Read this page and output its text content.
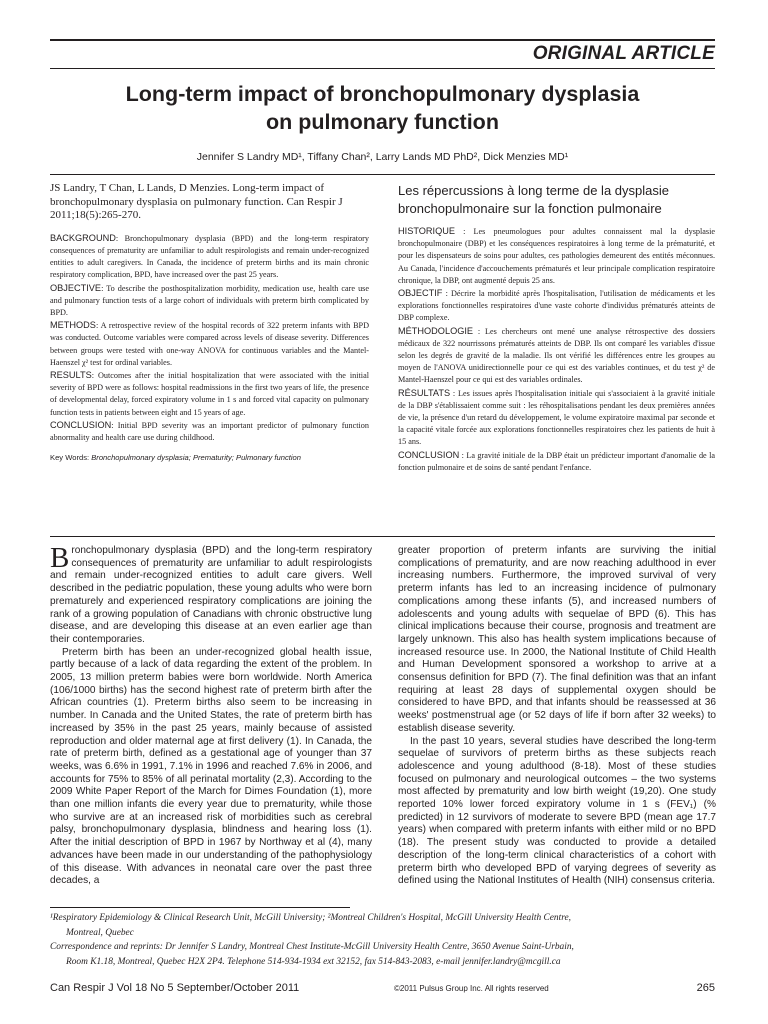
ORIGINAL ARTICLE
Long-term impact of bronchopulmonary dysplasia
on pulmonary function
Jennifer S Landry MD¹, Tiffany Chan², Larry Lands MD PhD², Dick Menzies MD¹

JS Landry, T Chan, L Lands, D Menzies. Long-term impact of bronchopulmonary dysplasia on pulmonary function. Can Respir J 2011;18(5):265-270.

BACKGROUND: Bronchopulmonary dysplasia (BPD) and the long-term respiratory consequences of prematurity are unfamiliar to adult respirologists and remain under-recognized entities to adult caregivers. In Canada, the incidence of preterm births and its main chronic respiratory complication, BPD, have increased over the past 25 years.

OBJECTIVE: To describe the posthospitalization morbidity, medication use, health care use and pulmonary function tests of a large cohort of individuals with preterm birth complicated by BPD.

METHODS: A retrospective review of the hospital records of 322 preterm infants with BPD was conducted. Outcome variables were compared across levels of disease severity. Differences between groups were tested with one-way ANOVA for continuous variables and the Mantel-Haenszel χ² test for ordinal variables.

RESULTS: Outcomes after the initial hospitalization that were associated with the initial severity of BPD were as follows: hospital readmissions in the first two years of life, the presence of developmental delay, forced expiratory volume in 1 s and forced vital capacity on pulmonary function tests in patients between eight and 15 years of age.

CONCLUSION: Initial BPD severity was an important predictor of pulmonary function abnormality and health care use during childhood.

Key Words: Bronchopulmonary dysplasia; Prematurity; Pulmonary function
Les répercussions à long terme de la dysplasie
bronchopulmonaire sur la fonction pulmonaire

HISTORIQUE : Les pneumologues pour adultes connaissent mal la dysplasie bronchopulmonaire (DBP) et les conséquences respiratoires à long terme de la prématurité, et pour les dispensateurs de soins pour adultes, ces pathologies demeurent des entités méconnues. Au Canada, l'incidence d'accouchements prématurés et leur principale complication respiratoire chronique, la DBP, ont augmenté depuis 25 ans.

OBJECTIF : Décrire la morbidité après l'hospitalisation, l'utilisation de médicaments et les explorations fonctionnelles respiratoires d'une vaste cohorte d'individus prématurés atteints de DBP complexe.

MÉTHODOLOGIE : Les chercheurs ont mené une analyse rétrospective des dossiers médicaux de 322 nourrissons prématurés atteints de DBP. Ils ont comparé les variables d'issue selon les degrés de gravité de la maladie. Ils ont vérifié les différences entre les groupes au moyen de l'ANOVA unidirectionnelle pour ce qui est des variables continues, et du test χ² de Mantel-Haenszel pour ce qui est des variables ordinales.

RÉSULTATS : Les issues après l'hospitalisation initiale qui s'associaient à la gravité initiale de la DBP s'établissaient comme suit : les réhospitalisations pendant les deux premières années de vie, la présence d'un retard du développement, le volume expiratoire maximal par seconde et la capacité vitale forcée aux explorations fonctionnelles respiratoires chez les patients de huit à 15 ans.

CONCLUSION : La gravité initiale de la DBP était un prédicteur important d'anomalie de la fonction pulmonaire et de soins de santé pendant l'enfance.

Bronchopulmonary dysplasia (BPD) and the long-term respiratory consequences of prematurity are unfamiliar to adult respirologists and remain under-recognized entities to adult care givers. Well described in the pediatric population, these young adults who were born prematurely and experienced respiratory complications are joining the rank of a growing population of Canadians with chronic obstructive lung disease, and are developing this disease at an even earlier age than their contemporaries.

Preterm birth has been an under-recognized global health issue, partly because of a lack of data regarding the extent of the problem. In 2005, 13 million preterm babies were born worldwide. North America (106/1000 births) has the second highest rate of preterm birth after the African countries (1). Preterm births also seem to be increasing in number. In Canada and the United States, the rate of preterm birth has increased by 35% in the past 25 years, mainly because of assisted reproduction and older maternal age at first delivery (1). In Canada, the rate of preterm birth, defined as a gestational age of younger than 37 weeks, was 6.6% in 1991, 7.1% in 1996 and reached 7.6% in 2006, and accounts for 75% to 85% of all perinatal mortality (2,3). According to the 2009 White Paper Report of the March for Dimes Foundation (1), more than one million infants die every year due to prematurity, while those who survive are at an increased risk of morbidities such as cerebral palsy, bronchopulmonary dysplasia, blindness and hearing loss (1). After the initial description of BPD in 1967 by Northway et al (4), many advances have been made in our understanding of the pathophysiology of this disease. With advances in neonatal care over the past three decades, a

greater proportion of preterm infants are surviving the initial complications of prematurity, and are now reaching adulthood in ever increasing numbers. Furthermore, the improved survival of very preterm infants has led to an increasing incidence of pulmonary complications among these infants (5), and increased numbers of adolescents and young adults with sequelae of BPD (6). This has clinical implications because their course, prognosis and treatment are largely unknown. This also has health system implications because of increased resource use. In 2000, the National Institute of Child Health and Human Development sponsored a workshop to arrive at a consensus definition for BPD (7). The final definition was that an infant requiring at least 28 days of supplemental oxygen should be considered to have BPD, and that infants should be reassessed at 36 weeks' postmenstrual age (or 52 days of life if born after 32 weeks) to establish disease severity.

In the past 10 years, several studies have described the long-term sequelae of survivors of preterm births as these subjects reach adolescence and young adulthood (8-18). Most of these studies focused on pulmonary and neurological outcomes – the two systems most affected by prematurity and low birth weight (19,20). One study reported 10% lower forced expiratory volume in 1 s (FEV₁) (% predicted) in 12 survivors of moderate to severe BPD (mean age 17.7 years) when compared with preterm infants with either mild or no BPD (18). The present study was conducted to provide a detailed description of the long-term clinical characteristics of a cohort with preterm birth who developed BPD of varying degrees of severity as defined using the National Institutes of Health (NIH) consensus criteria.

¹Respiratory Epidemiology & Clinical Research Unit, McGill University; ²Montreal Children's Hospital, McGill University Health Centre,
Montreal, Quebec
Correspondence and reprints: Dr Jennifer S Landry, Montreal Chest Institute-McGill University Health Centre, 3650 Avenue Saint-Urbain,
Room K1.18, Montreal, Quebec H2X 2P4. Telephone 514-934-1934 ext 32152, fax 514-843-2083, e-mail jennifer.landry@mcgill.ca
Can Respir J Vol 18 No 5 September/October 2011	©2011 Pulsus Group Inc. All rights reserved	265
